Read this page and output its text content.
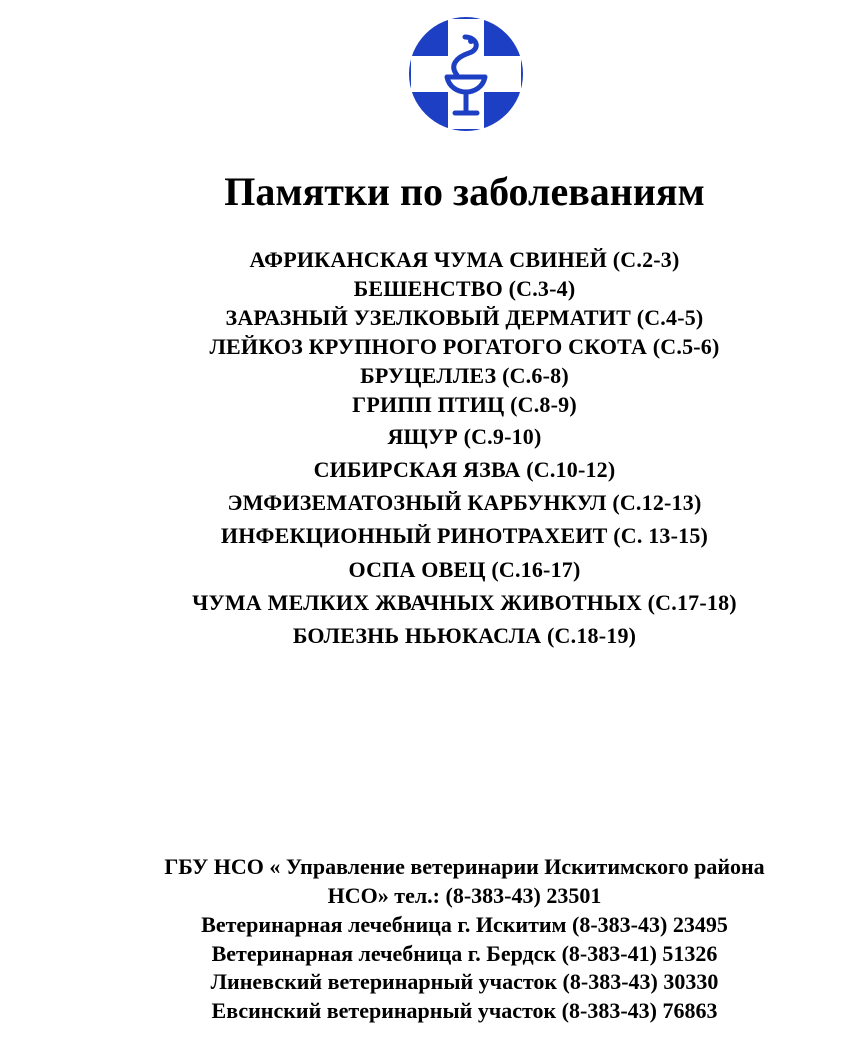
Памятки по заболеваниям
АФРИКАНСКАЯ ЧУМА СВИНЕЙ (С.2-3)
БЕШЕНСТВО (С.3-4)
ЗАРАЗНЫЙ УЗЕЛКОВЫЙ ДЕРМАТИТ (С.4-5)
ЛЕЙКОЗ КРУПНОГО РОГАТОГО СКОТА (С.5-6)
БРУЦЕЛЛЕЗ (С.6-8)
ГРИПП ПТИЦ (С.8-9)
ЯЩУР (С.9-10)
СИБИРСКАЯ ЯЗВА (С.10-12)
ЭМФИЗЕМАТОЗНЫЙ КАРБУНКУЛ (С.12-13)
ИНФЕКЦИОННЫЙ РИНОТРАХЕИТ (С. 13-15)
ОСПА ОВЕЦ (С.16-17)
ЧУМА МЕЛКИХ ЖВАЧНЫХ ЖИВОТНЫХ (С.17-18)
БОЛЕЗНЬ НЬЮКАСЛА (С.18-19)
ГБУ НСО « Управление ветеринарии Искитимского района
НСО» тел.: (8-383-43) 23501
Ветеринарная лечебница г. Искитим (8-383-43) 23495
Ветеринарная лечебница г. Бердск (8-383-41) 51326
Линевский ветеринарный участок (8-383-43) 30330
Евсинский ветеринарный участок (8-383-43) 76863
